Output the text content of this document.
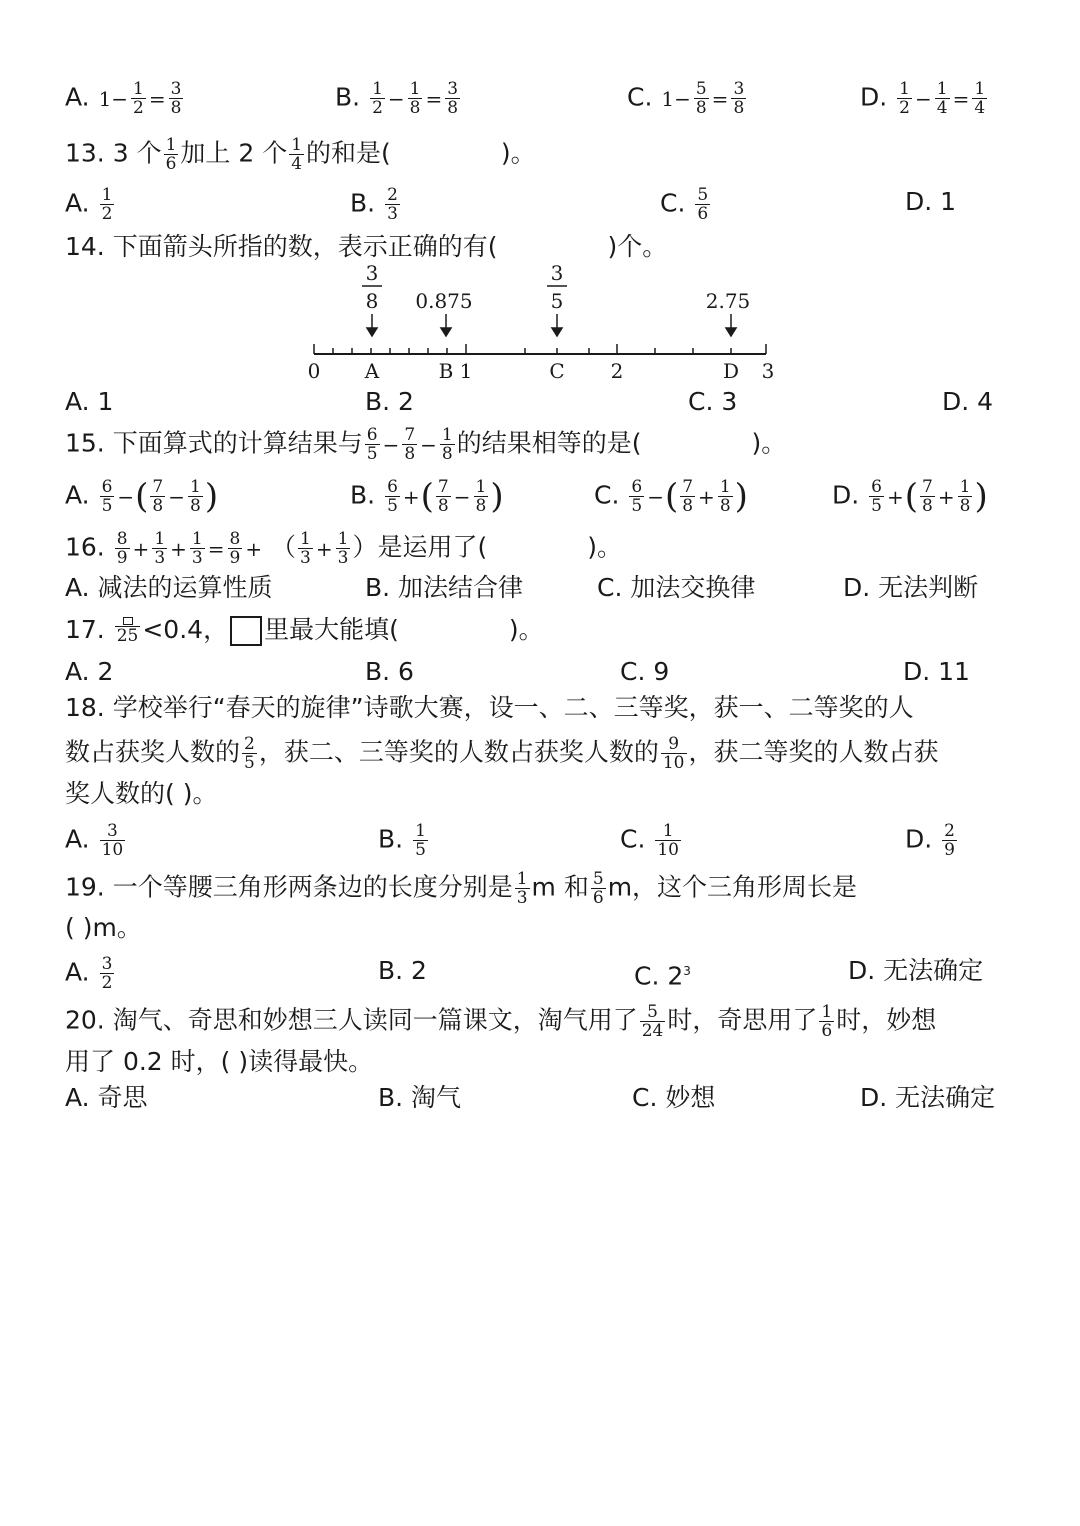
A. $1- \frac{1}{2} = \frac{3}{8}$	B. $\frac{1}{2} - \frac{1}{8} = \frac{3}{8}$	C. $1- \frac{5}{8} = \frac{3}{8}$	D. $\frac{1}{2} - \frac{1}{4} = \frac{1}{4}$
13. 3 个 $\frac{1}{6}$ 加上 2 个 $\frac{1}{4}$ 的和是(	)。
A. $\frac{1}{2}$	B. $\frac{2}{3}$	C. $\frac{5}{6}$	D. 1
14. 下面箭头所指的数，表示正确的有(	)个。
3
8 0.875
3
5	2.75
0 A	B 1	C 2	D 3
A. 1	B. 2	C. 3	D. 4
15. 下面算式的计算结果与 $\frac{6}{5} - \frac{7}{8} - \frac{1}{8}$ 的结果相等的是(	)。
A. $\frac{6}{5}$ −( $\frac{7}{8} - \frac{1}{8}$ )	B. $\frac{6}{5}$ +( $\frac{7}{8} - \frac{1}{8}$ )	C. $\frac{6}{5}$ −( $\frac{7}{8} + \frac{1}{8}$ )	D. $\frac{6}{5}$ +( $\frac{7}{8} + \frac{1}{8}$ )
16. $\frac{8}{9} + \frac{1}{3} + \frac{1}{3} = \frac{8}{9}$ + （ $\frac{1}{3} + \frac{1}{3}$ ）是运用了(	)。
A. 减法的运算性质	B. 加法结合律	C. 加法交换律	D. 无法判断
17. 25 <0.4， 里最大能填(	)。
A. 2	B. 6	C. 9	D. 11
18. 学校举行“春天的旋律”诗歌大赛，设一、二、三等奖，获一、二等奖的人
数占获奖人数的 $\frac{2}{5}$ ，获二、三等奖的人数占获奖人数的 $\frac{9}{10}$ ，获二等奖的人数占获
奖人数的( )。
A. $\frac{3}{10}$	B. $\frac{1}{5}$	C. $\frac{1}{10}$	D. $\frac{2}{9}$
19. 一个等腰三角形两条边的长度分别是 $\frac{1}{3}$ m 和 $\frac{5}{6}$ m，这个三角形周长是
( )m。
A. $\frac{3}{2}$	B. 2	C. $2^3$	D. 无法确定
20. 淘气、奇思和妙想三人读同一篇课文，淘气用了 $\frac{5}{24}$ 时，奇思用了 $\frac{1}{6}$ 时，妙想
用了 0.2 时，( )读得最快。
A. 奇思	B. 淘气	C. 妙想	D. 无法确定
